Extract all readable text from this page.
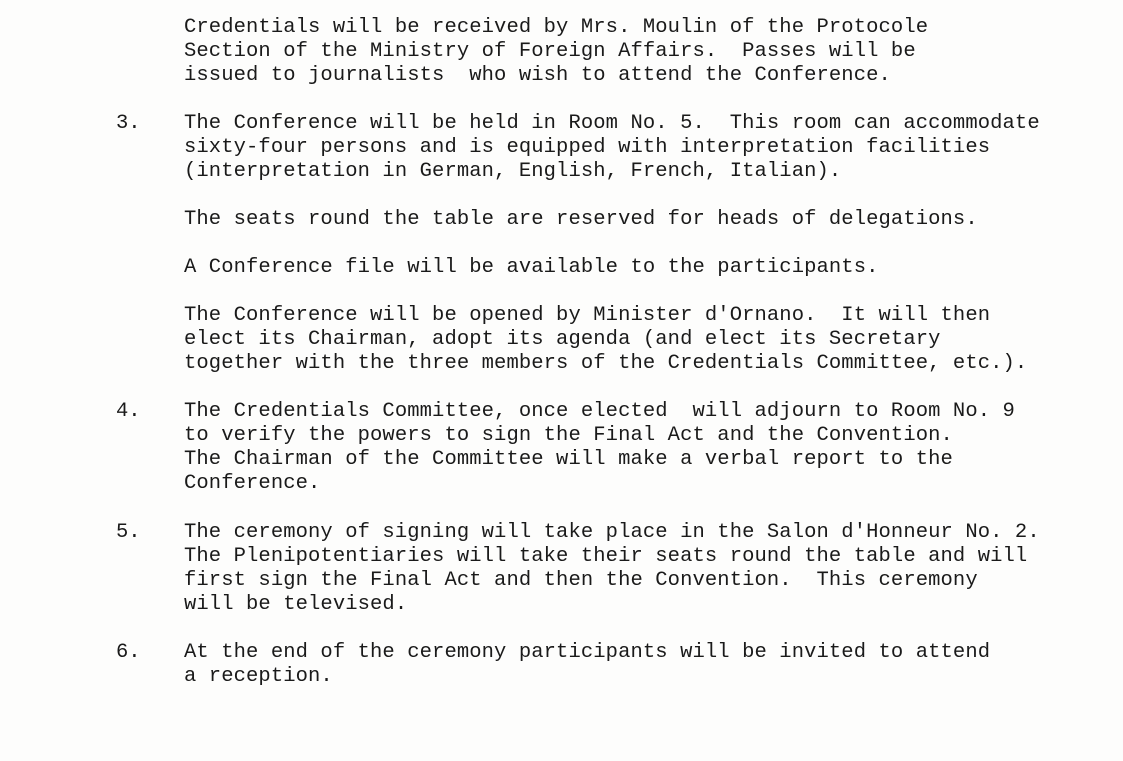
Credentials will be received by Mrs. Moulin of the Protocole
Section of the Ministry of Foreign Affairs.  Passes will be
issued to journalists  who wish to attend the Conference.
3. The Conference will be held in Room No. 5.  This room can accommodate
sixty-four persons and is equipped with interpretation facilities
(interpretation in German, English, French, Italian).
The seats round the table are reserved for heads of delegations.
A Conference file will be available to the participants.
The Conference will be opened by Minister d'Ornano.  It will then
elect its Chairman, adopt its agenda (and elect its Secretary
together with the three members of the Credentials Committee, etc.).
4. The Credentials Committee, once elected  will adjourn to Room No. 9
to verify the powers to sign the Final Act and the Convention.
The Chairman of the Committee will make a verbal report to the
Conference.
5. The ceremony of signing will take place in the Salon d'Honneur No. 2.
The Plenipotentiaries will take their seats round the table and will
first sign the Final Act and then the Convention.  This ceremony
will be televised.
6. At the end of the ceremony participants will be invited to attend
a reception.
